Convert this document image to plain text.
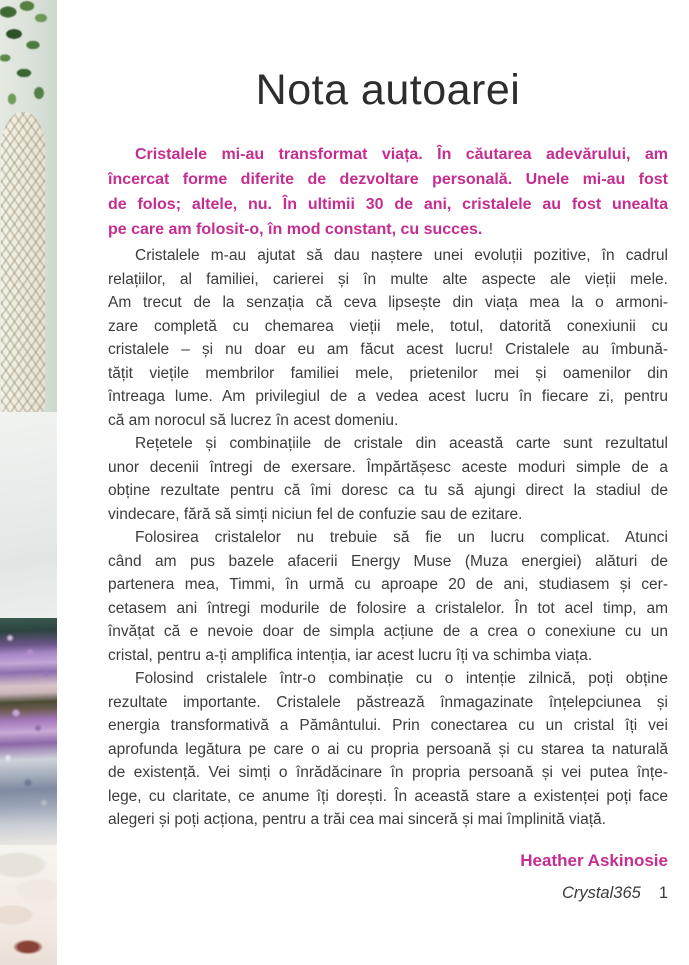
Nota autoarei
Cristalele mi-au transformat viața. În căutarea adevărului, am
încercat forme diferite de dezvoltare personală. Unele mi-au fost
de folos; altele, nu. În ultimii 30 de ani, cristalele au fost unealta
pe care am folosit-o, în mod constant, cu succes.
Cristalele m-au ajutat să dau naștere unei evoluții pozitive, în cadrul
relațiilor, al familiei, carierei și în multe alte aspecte ale vieții mele.
Am trecut de la senzația că ceva lipsește din viața mea la o armoni-
zare completă cu chemarea vieții mele, totul, datorită conexiunii cu
cristalele – și nu doar eu am făcut acest lucru! Cristalele au îmbună-
tățit viețile membrilor familiei mele, prietenilor mei și oamenilor din
întreaga lume. Am privilegiul de a vedea acest lucru în fiecare zi, pentru
că am norocul să lucrez în acest domeniu.
Rețetele și combinațiile de cristale din această carte sunt rezultatul
unor decenii întregi de exersare. Împărtășesc aceste moduri simple de a
obține rezultate pentru că îmi doresc ca tu să ajungi direct la stadiul de
vindecare, fără să simți niciun fel de confuzie sau de ezitare.
Folosirea cristalelor nu trebuie să fie un lucru complicat. Atunci
când am pus bazele afacerii Energy Muse (Muza energiei) alături de
partenera mea, Timmi, în urmă cu aproape 20 de ani, studiasem și cer-
cetasem ani întregi modurile de folosire a cristalelor. În tot acel timp, am
învățat că e nevoie doar de simpla acțiune de a crea o conexiune cu un
cristal, pentru a-ți amplifica intenția, iar acest lucru îți va schimba viața.
Folosind cristalele într-o combinație cu o intenție zilnică, poți obține
rezultate importante. Cristalele păstrează înmagazinate înțelepciunea și
energia transformativă a Pământului. Prin conectarea cu un cristal îți vei
aprofunda legătura pe care o ai cu propria persoană și cu starea ta naturală
de existență. Vei simți o înrădăcinare în propria persoană și vei putea înțe-
lege, cu claritate, ce anume îți dorești. În această stare a existenței poți face
alegeri și poți acționa, pentru a trăi cea mai sinceră și mai împlinită viață.
Heather Askinosie
Crystal365 1
